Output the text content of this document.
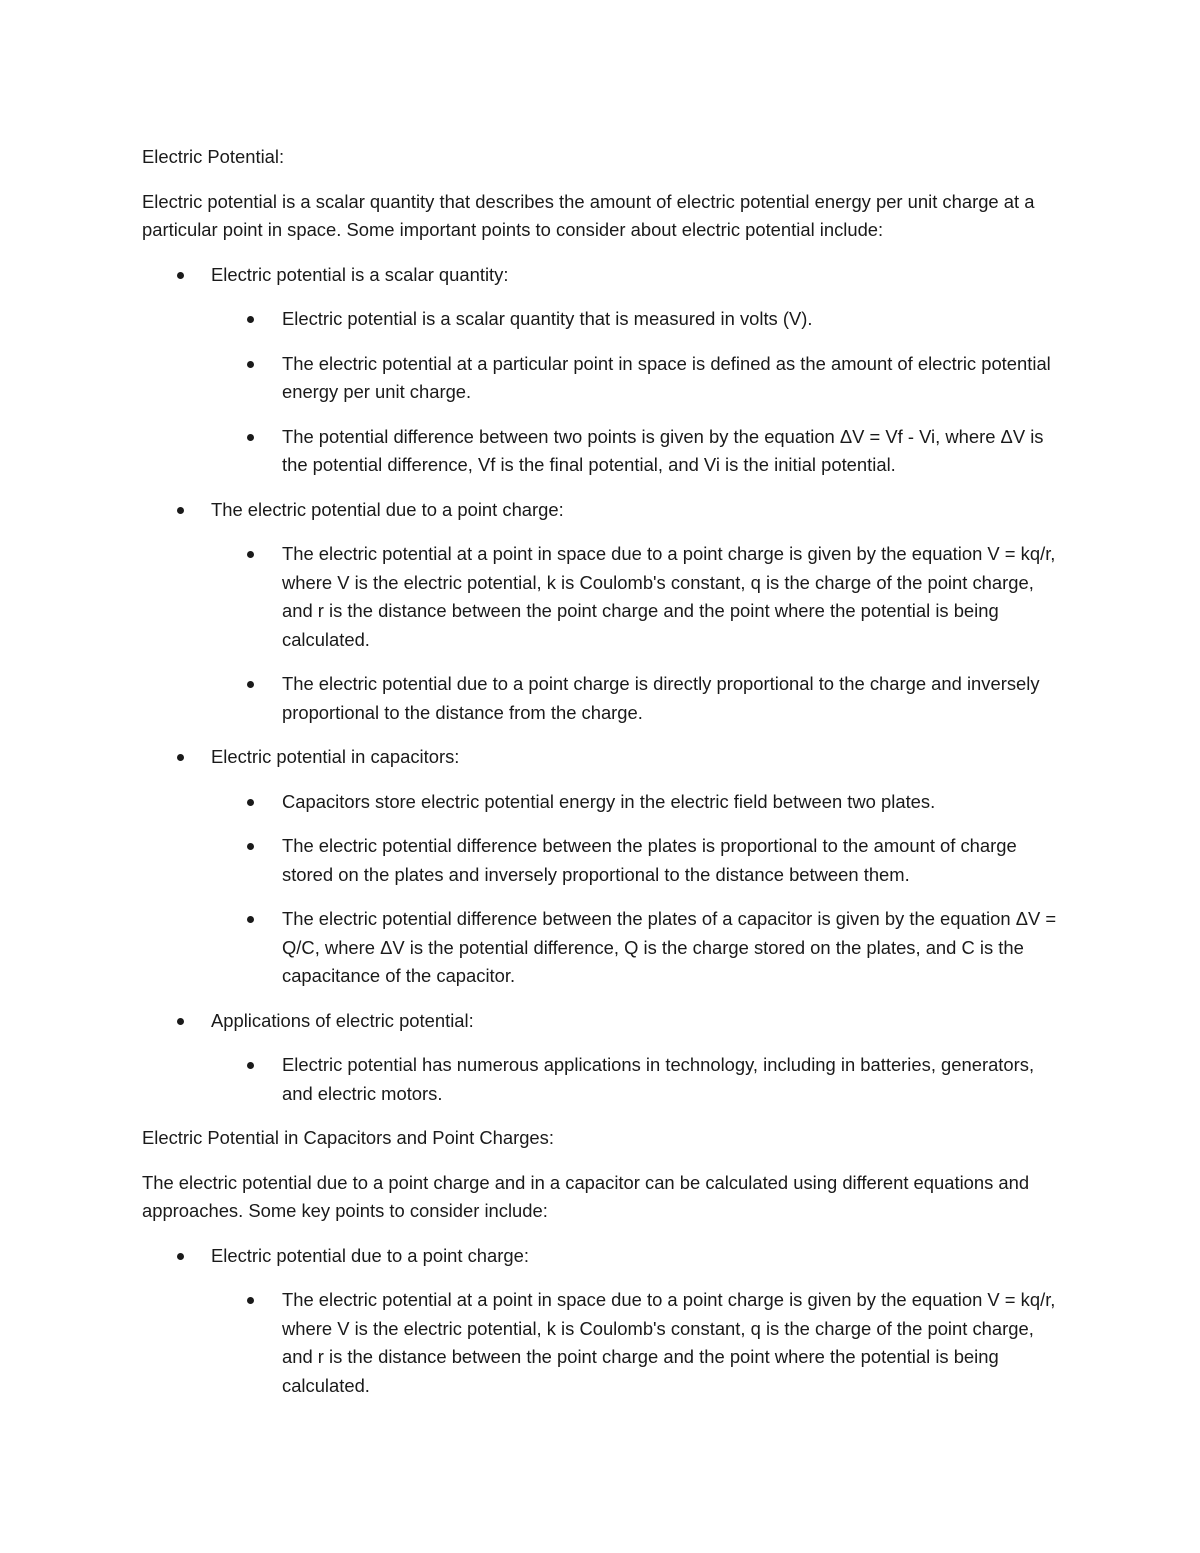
Electric Potential:

Electric potential is a scalar quantity that describes the amount of electric potential energy per unit charge at a particular point in space. Some important points to consider about electric potential include:

Electric potential is a scalar quantity:
Electric potential is a scalar quantity that is measured in volts (V).
The electric potential at a particular point in space is defined as the amount of electric potential energy per unit charge.
The potential difference between two points is given by the equation ΔV = Vf - Vi, where ΔV is the potential difference, Vf is the final potential, and Vi is the initial potential.
The electric potential due to a point charge:
The electric potential at a point in space due to a point charge is given by the equation V = kq/r, where V is the electric potential, k is Coulomb's constant, q is the charge of the point charge, and r is the distance between the point charge and the point where the potential is being calculated.
The electric potential due to a point charge is directly proportional to the charge and inversely proportional to the distance from the charge.
Electric potential in capacitors:
Capacitors store electric potential energy in the electric field between two plates.
The electric potential difference between the plates is proportional to the amount of charge stored on the plates and inversely proportional to the distance between them.
The electric potential difference between the plates of a capacitor is given by the equation ΔV = Q/C, where ΔV is the potential difference, Q is the charge stored on the plates, and C is the capacitance of the capacitor.
Applications of electric potential:
Electric potential has numerous applications in technology, including in batteries, generators, and electric motors.

Electric Potential in Capacitors and Point Charges:

The electric potential due to a point charge and in a capacitor can be calculated using different equations and approaches. Some key points to consider include:

Electric potential due to a point charge:
The electric potential at a point in space due to a point charge is given by the equation V = kq/r, where V is the electric potential, k is Coulomb's constant, q is the charge of the point charge, and r is the distance between the point charge and the point where the potential is being calculated.
